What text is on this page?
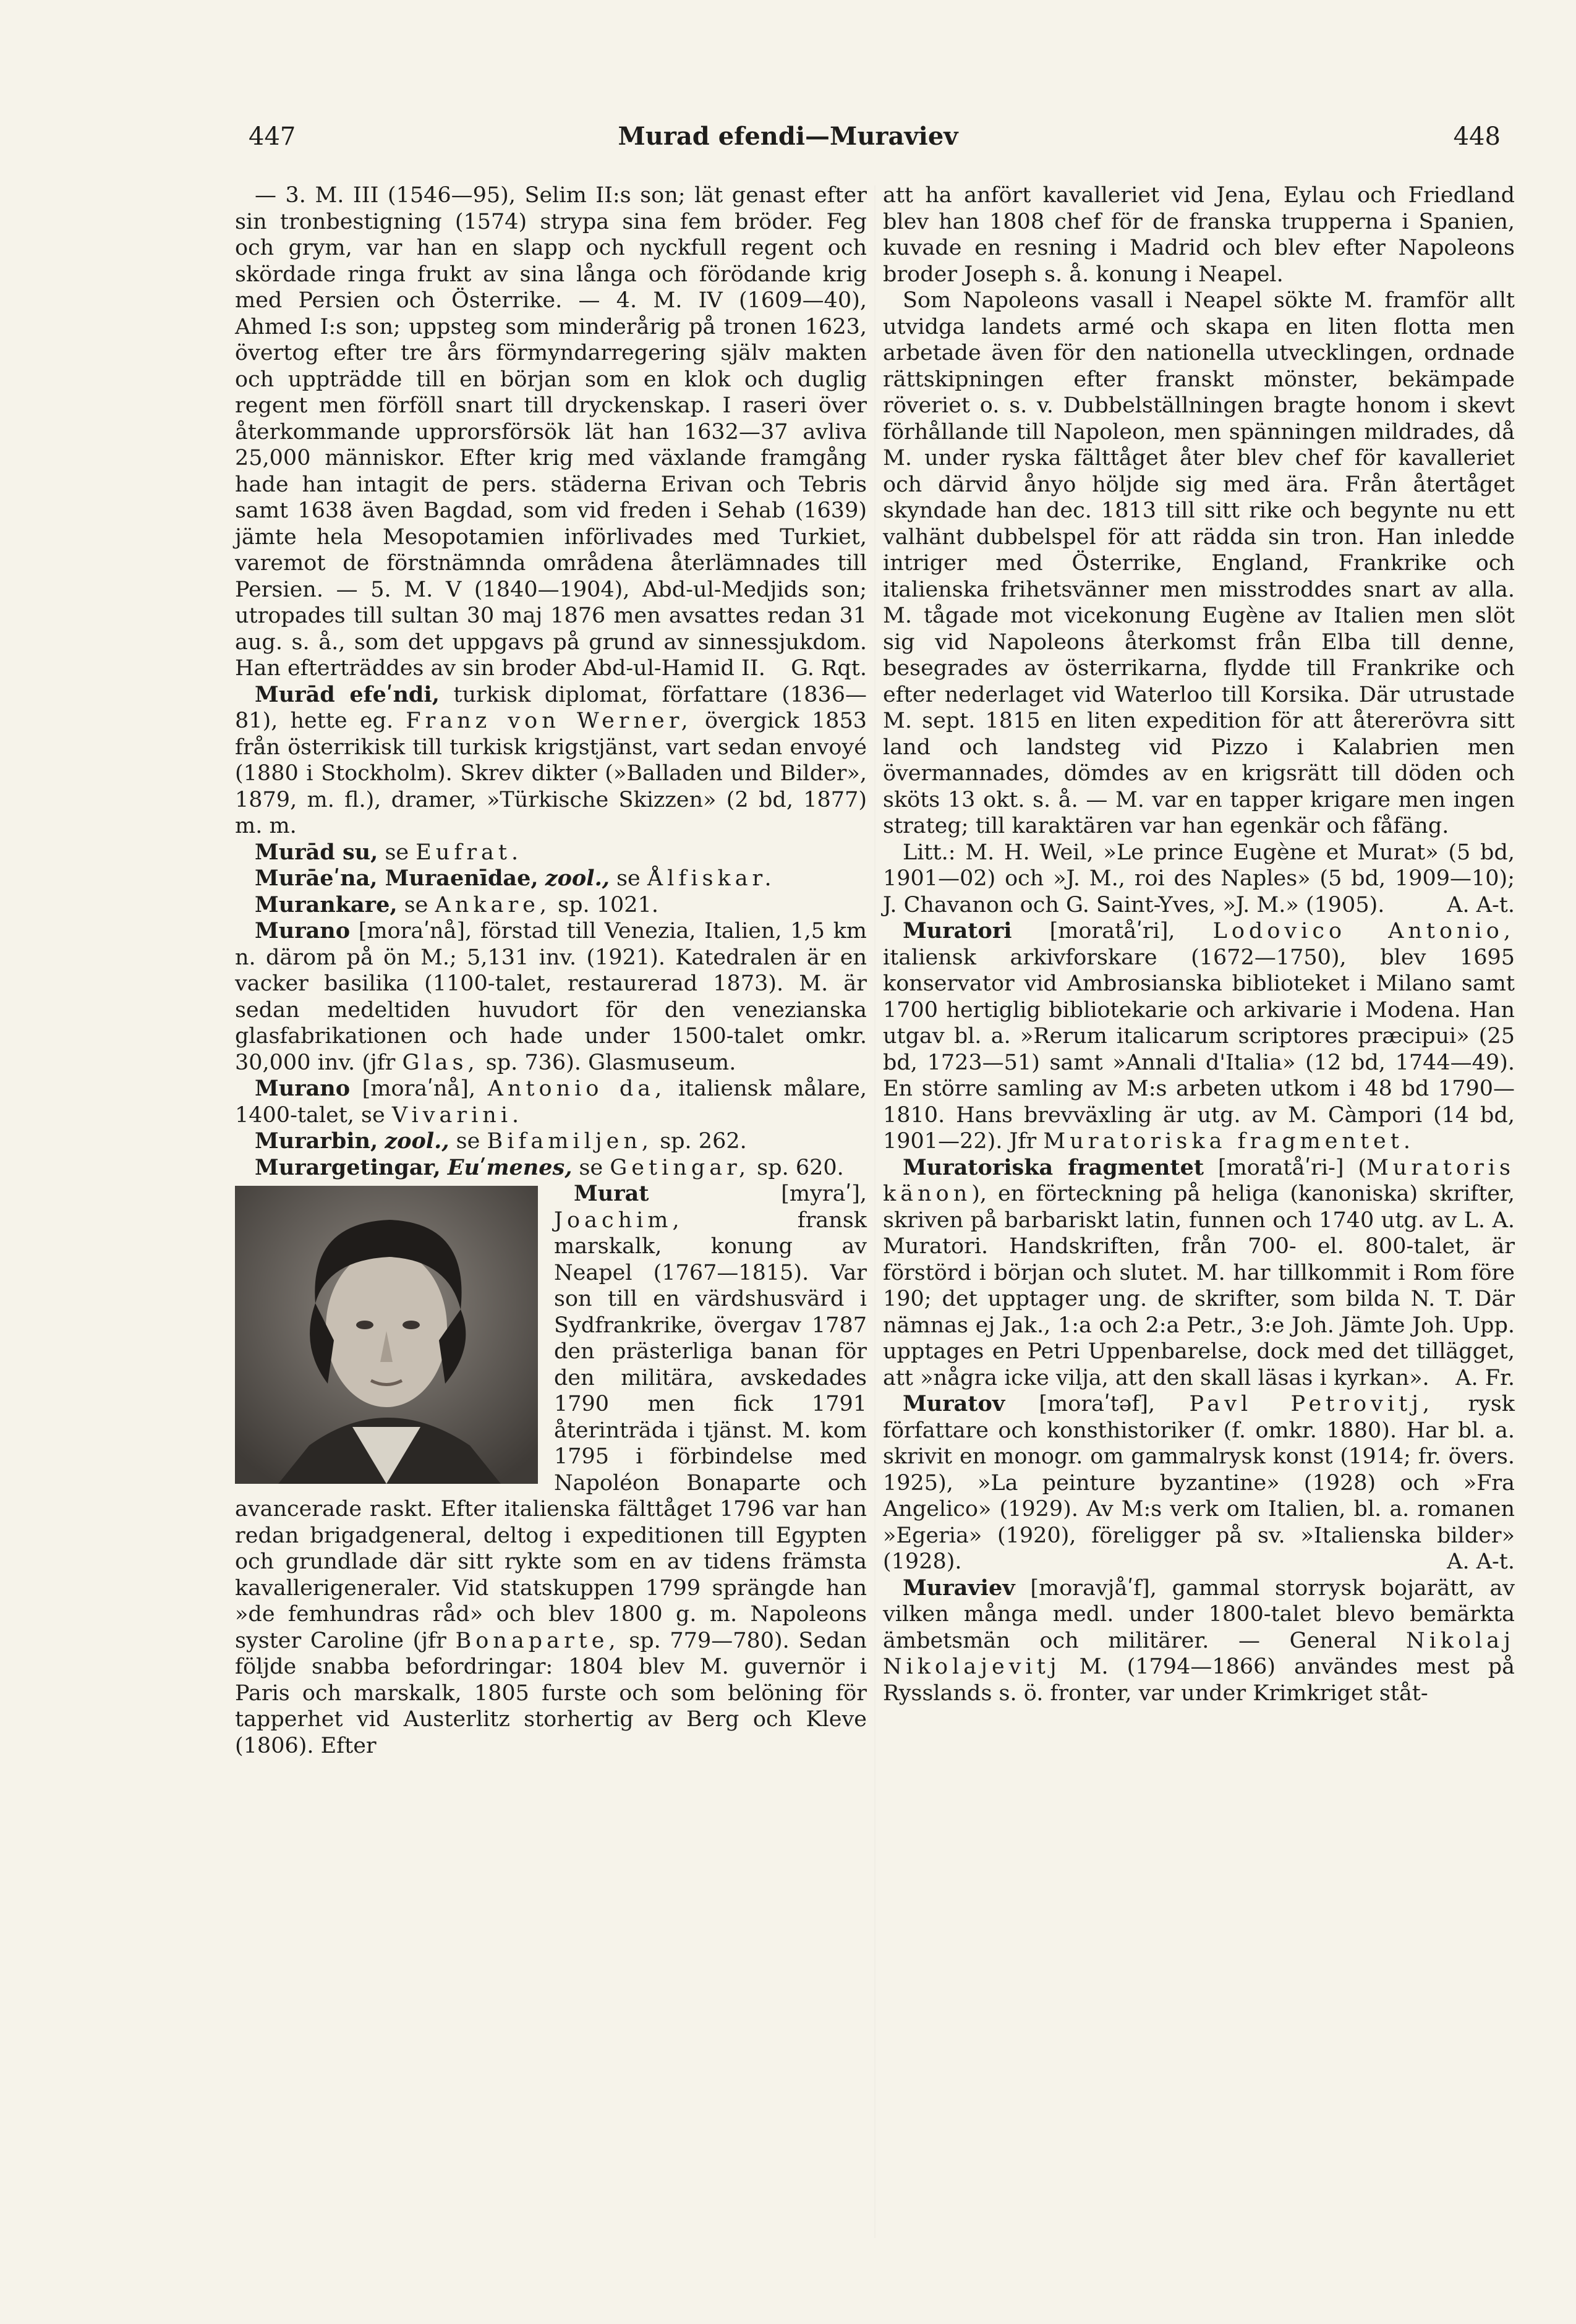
447	Murad efendi—Muraviev	448

— 3. M. III (1546—95), Selim II:s son; lät genast efter sin tronbestigning (1574) strypa sina fem bröder. Feg och grym, var han en slapp och nyckfull regent och skördade ringa frukt av sina långa och förödande krig med Persien och Österrike. — 4. M. IV (1609—40), Ahmed I:s son; uppsteg som minderårig på tronen 1623, övertog efter tre års förmyndarregering själv makten och uppträdde till en början som en klok och duglig regent men förföll snart till dryckenskap. I raseri över återkommande upprorsförsök lät han 1632—37 avliva 25,000 människor. Efter krig med växlande framgång hade han intagit de pers. städerna Erivan och Tebris samt 1638 även Bagdad, som vid freden i Sehab (1639) jämte hela Mesopotamien införlivades med Turkiet, varemot de förstnämnda områdena återlämnades till Persien. — 5. M. V (1840—1904), Abd-ul-Medjids son; utropades till sultan 30 maj 1876 men avsattes redan 31 aug. s. å., som det uppgavs på grund av sinnessjukdom. Han efterträddes av sin broder Abd-ul-Hamid II.	G. Rqt.

Murād efeʹndi, turkisk diplomat, författare (1836—81), hette eg. Franz von Werner, övergick 1853 från österrikisk till turkisk krigstjänst, vart sedan envoyé (1880 i Stockholm). Skrev dikter (»Balladen und Bilder», 1879, m. fl.), dramer, »Türkische Skizzen» (2 bd, 1877) m. m.

Murād su, se Eufrat.

Murāeʹna, Muraenīdae, zool., se Ålfiskar.

Murankare, se Ankare, sp. 1021.

Murano [moraʹnå], förstad till Venezia, Italien, 1,5 km n. därom på ön M.; 5,131 inv. (1921). Katedralen är en vacker basilika (1100-talet, restaurerad 1873). M. är sedan medeltiden huvudort för den venezianska glasfabrikationen och hade under 1500-talet omkr. 30,000 inv. (jfr Glas, sp. 736). Glasmuseum.

Murano [moraʹnå], Antonio da, italiensk målare, 1400-talet, se Vivarini.

Murarbin, zool., se Bifamiljen, sp. 262.

Murargetingar, Euʹmenes, se Getingar, sp. 620.

Murat	[myraʹ], Joachim,	fransk marskalk, konung av Neapel (1767—1815). Var son till en värdshusvärd i Sydfrankrike, övergav 1787 den prästerliga banan för den militära, avskedades 1790 men fick 1791 återinträda i tjänst. M. kom 1795 i förbindelse med Napoléon Bonaparte och avancerade raskt. Efter italienska fälttåget 1796 var han redan brigadgeneral, deltog i expeditionen till Egypten och grundlade där sitt rykte som en av tidens främsta kavallerigeneraler. Vid statskuppen 1799 sprängde han »de femhundras råd» och blev 1800 g. m. Napoleons syster Caroline (jfr Bonaparte, sp. 779—780). Sedan följde snabba befordringar: 1804 blev M. guvernör i Paris och marskalk, 1805 furste och som belöning för tapperhet vid Austerlitz storhertig av Berg och Kleve (1806). Efter

att ha anfört kavalleriet vid Jena, Eylau och Friedland blev han 1808 chef för de franska trupperna i Spanien, kuvade en resning i Madrid och blev efter Napoleons broder Joseph s. å. konung i Neapel.

Som Napoleons vasall i Neapel sökte M. framför allt utvidga landets armé och skapa en liten flotta men arbetade även för den nationella utvecklingen, ordnade rättskipningen efter franskt mönster, bekämpade röveriet o. s. v. Dubbelställningen bragte honom i skevt förhållande till Napoleon, men spänningen mildrades, då M. under ryska fälttåget åter blev chef för kavalleriet och därvid ånyo höljde sig med ära. Från återtåget skyndade han dec. 1813 till sitt rike och begynte nu ett valhänt dubbelspel för att rädda sin tron. Han inledde intriger med Österrike, England, Frankrike och italienska frihetsvänner men misstroddes snart av alla. M. tågade mot vicekonung Eugène av Italien men slöt sig vid Napoleons återkomst från Elba till denne, besegrades av österrikarna, flydde till Frankrike och efter nederlaget vid Waterloo till Korsika. Där utrustade M. sept. 1815 en liten expedition för att återerövra sitt land och landsteg vid Pizzo i Kalabrien men övermannades, dömdes av en krigsrätt till döden och sköts 13 okt. s. å. — M. var en tapper krigare men ingen strateg; till karaktären var han egenkär och fåfäng.

Litt.: M. H. Weil, »Le prince Eugène et Murat» (5 bd, 1901—02) och »J. M., roi des Naples» (5 bd, 1909—10); J. Chavanon och G. Saint-Yves, »J. M.» (1905).	A. A-t.

Muratori [moratåʹri], Lodovico Antonio, italiensk arkivforskare (1672—1750), blev 1695 konservator vid Ambrosianska biblioteket i Milano samt 1700 hertiglig bibliotekarie och arkivarie i Modena. Han utgav bl. a. »Rerum italicarum scriptores præcipui» (25 bd, 1723—51) samt »Annali d'Italia» (12 bd, 1744—49). En större samling av M:s arbeten utkom i 48 bd 1790—1810. Hans brevväxling är utg. av M. Càmpori (14 bd, 1901—22). Jfr Muratoriska fragmentet.

Muratoriska fragmentet [moratåʹri-] (Muratoris känon), en förteckning på heliga (kanoniska) skrifter, skriven på barbariskt latin, funnen och 1740 utg. av L. A. Muratori. Handskriften, från 700- el. 800-talet, är förstörd i början och slutet. M. har tillkommit i Rom före 190; det upptager ung. de skrifter, som bilda N. T. Där nämnas ej Jak., 1:a och 2:a Petr., 3:e Joh. Jämte Joh. Upp. upptages en Petri Uppenbarelse, dock med det tillägget, att »några icke vilja, att den skall läsas i kyrkan».	A. Fr.

Muratov [moraʹtəf], Pavl Petrovitj, rysk författare och konsthistoriker (f. omkr. 1880). Har bl. a. skrivit en monogr. om gammalrysk konst (1914; fr. övers. 1925), »La peinture byzantine» (1928) och »Fra Angelico» (1929). Av M:s verk om Italien, bl. a. romanen »Egeria» (1920), föreligger på sv. »Italienska bilder» (1928).	A. A-t.

Muraviev [moravjåʹf], gammal storrysk bojarätt, av vilken många medl. under 1800-talet blevo bemärkta ämbetsmän och militärer. — General Nikolaj Nikolajevitj M. (1794—1866) användes mest på Rysslands s. ö. fronter, var under Krimkriget ståt-
